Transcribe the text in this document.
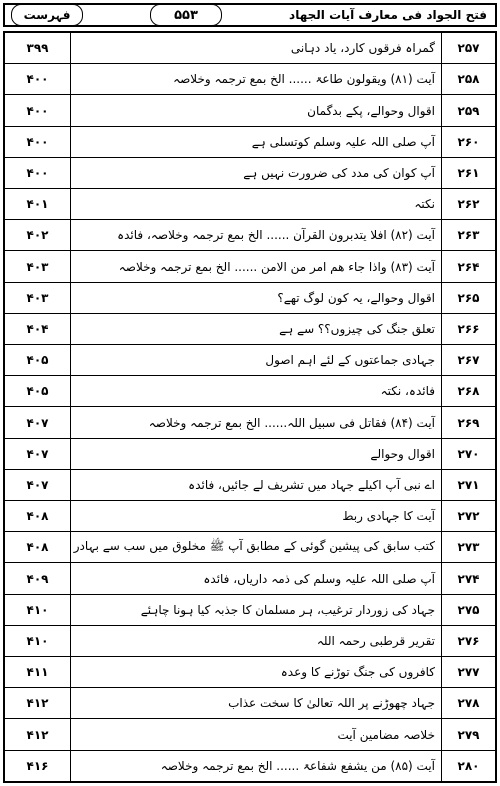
فہرست	۵۵۳	فتح الجواد فی معارف آیات الجھاد
۲۵۷
گمراہ فرقوں کارد، یاد دہانی
۳۹۹
۲۵۸
آیت (۸۱) ویقولون طاعۃ ...... الخ بمع ترجمہ وخلاصہ
۴۰۰
۲۵۹
اقوال وحوالے، پکے بدگمان
۴۰۰
۲۶۰
آپ صلی اللہ علیہ وسلم کوتسلی ہے
۴۰۰
۲۶۱
آپ کوان کی مدد کی ضرورت نہیں ہے
۴۰۰
۲۶۲
نکتہ
۴۰۱
۲۶۳
آیت (۸۲) افلا یتدبرون القرآن ...... الخ بمع ترجمہ وخلاصہ، فائدہ
۴۰۲
۲۶۴
آیت (۸۳) واذا جاء ھم امر من الامن ...... الخ بمع ترجمہ وخلاصہ
۴۰۳
۲۶۵
اقوال وحوالے، یہ کون لوگ تھے؟
۴۰۳
۲۶۶
تعلق جنگ کی چیزوں؟؟ سے ہے
۴۰۴
۲۶۷
جہادی جماعتوں کے لئے اہم اصول
۴۰۵
۲۶۸
فائدہ، نکتہ
۴۰۵
۲۶۹
آیت (۸۴) فقاتل فی سبیل اللہ...... الخ بمع ترجمہ وخلاصہ
۴۰۷
۲۷۰
اقوال وحوالے
۴۰۷
۲۷۱
اے نبی آپ اکیلے جہاد میں تشریف لے جائیں، فائدہ
۴۰۷
۲۷۲
آیت کا جہادی ربط
۴۰۸
۲۷۳
کتب سابق کی پیشین گوئی کے مطابق آپ ﷺ مخلوق میں سب سے بہادر
۴۰۸
۲۷۴
آپ صلی اللہ علیہ وسلم کی ذمہ داریاں، فائدہ
۴۰۹
۲۷۵
جہاد کی زوردار ترغیب، ہر مسلمان کا جذبہ کیا ہونا چاہئے
۴۱۰
۲۷۶
تقریر قرطبی رحمہ اللہ
۴۱۰
۲۷۷
کافروں کی جنگ توڑنے کا وعدہ
۴۱۱
۲۷۸
جہاد چھوڑنے پر اللہ تعالیٰ کا سخت عذاب
۴۱۲
۲۷۹
خلاصہ مضامین آیت
۴۱۲
۲۸۰
آیت (۸۵) من یشفع شفاعۃ ...... الخ بمع ترجمہ وخلاصہ
۴۱۶
